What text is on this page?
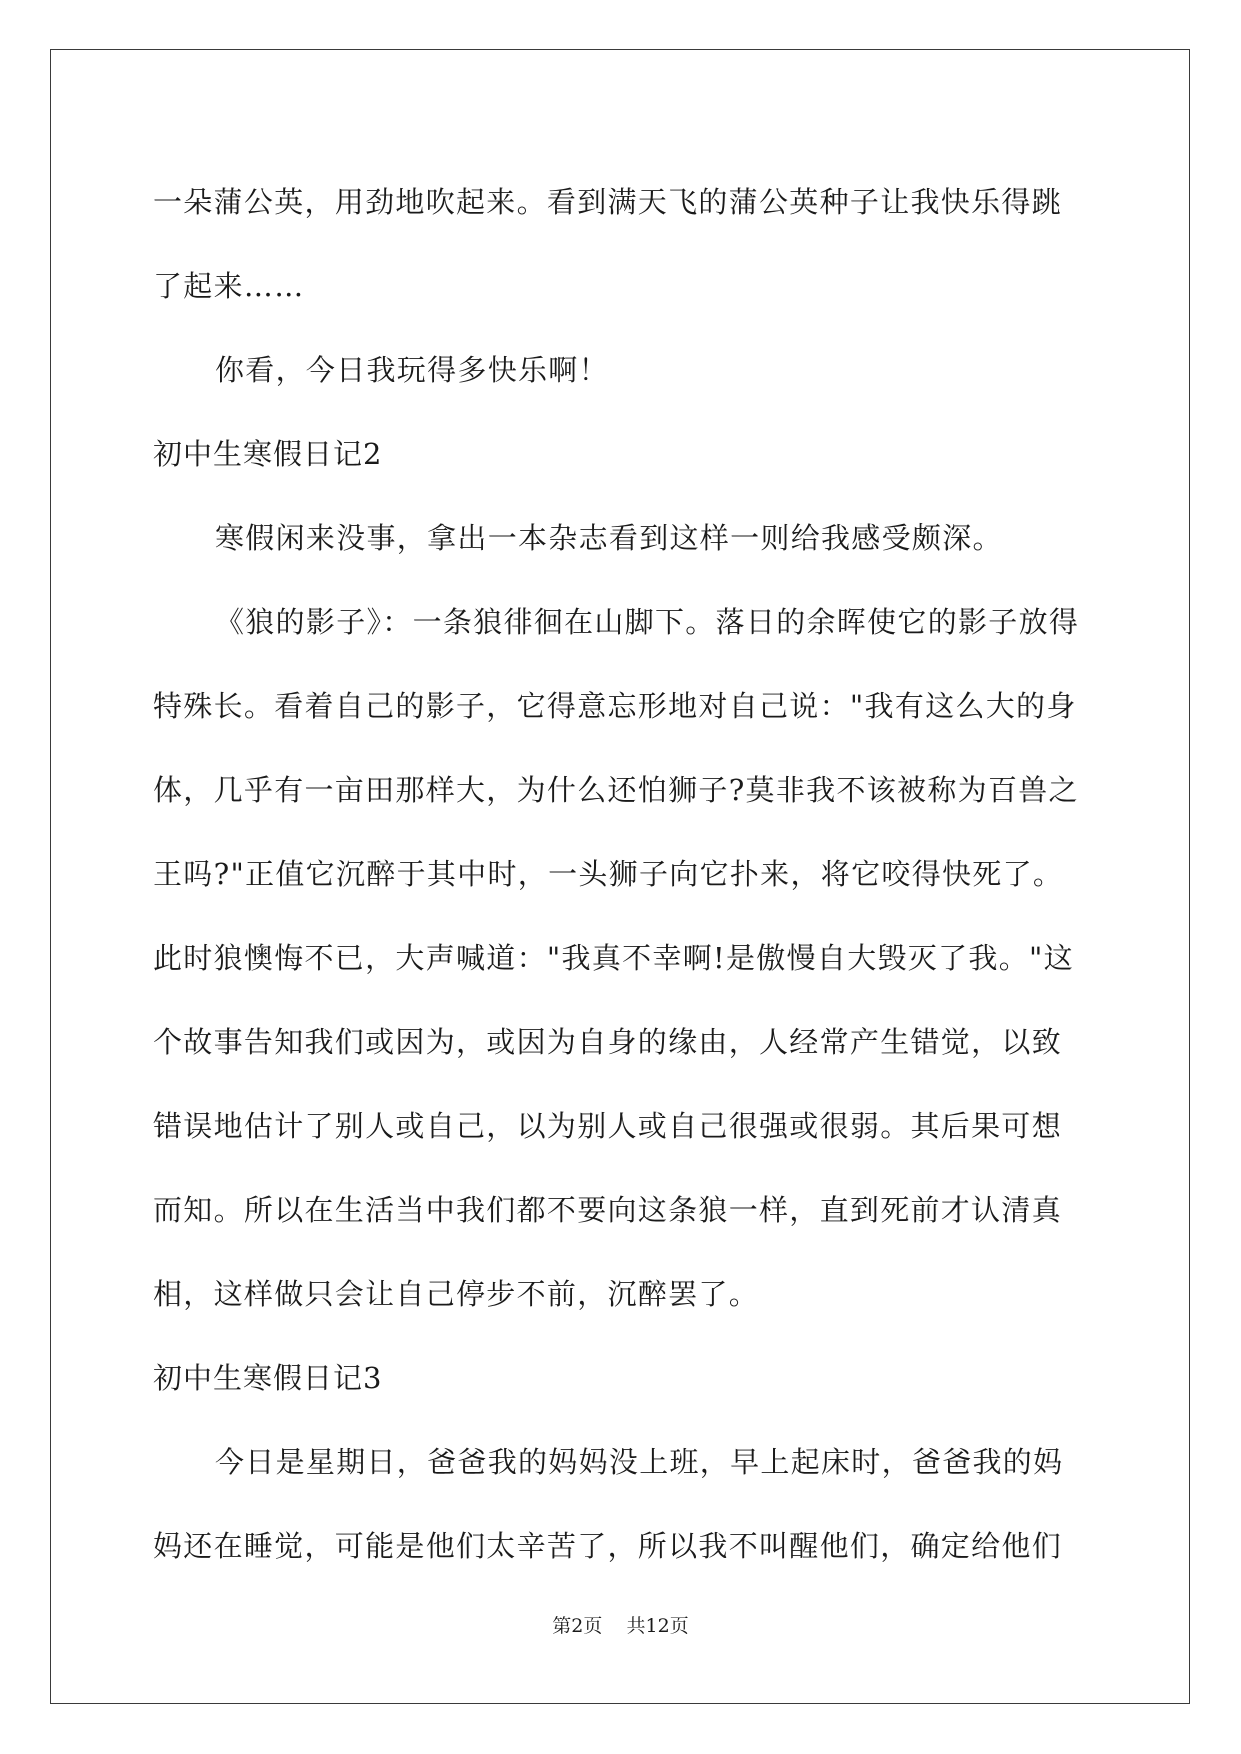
一朵蒲公英，用劲地吹起来。看到满天飞的蒲公英种子让我快乐得跳
了起来……
你看，今日我玩得多快乐啊！
初中生寒假日记2
寒假闲来没事，拿出一本杂志看到这样一则给我感受颇深。
《狼的影子》：一条狼徘徊在山脚下。落日的余晖使它的影子放得
特殊长。看着自己的影子，它得意忘形地对自己说："我有这么大的身
体，几乎有一亩田那样大，为什么还怕狮子?莫非我不该被称为百兽之
王吗?"正值它沉醉于其中时，一头狮子向它扑来，将它咬得快死了。
此时狼懊悔不已，大声喊道："我真不幸啊!是傲慢自大毁灭了我。"这
个故事告知我们或因为，或因为自身的缘由，人经常产生错觉，以致
错误地估计了别人或自己，以为别人或自己很强或很弱。其后果可想
而知。所以在生活当中我们都不要向这条狼一样，直到死前才认清真
相，这样做只会让自己停步不前，沉醉罢了。
初中生寒假日记3
今日是星期日，爸爸我的妈妈没上班，早上起床时，爸爸我的妈
妈还在睡觉，可能是他们太辛苦了，所以我不叫醒他们，确定给他们
第2页    共12页
